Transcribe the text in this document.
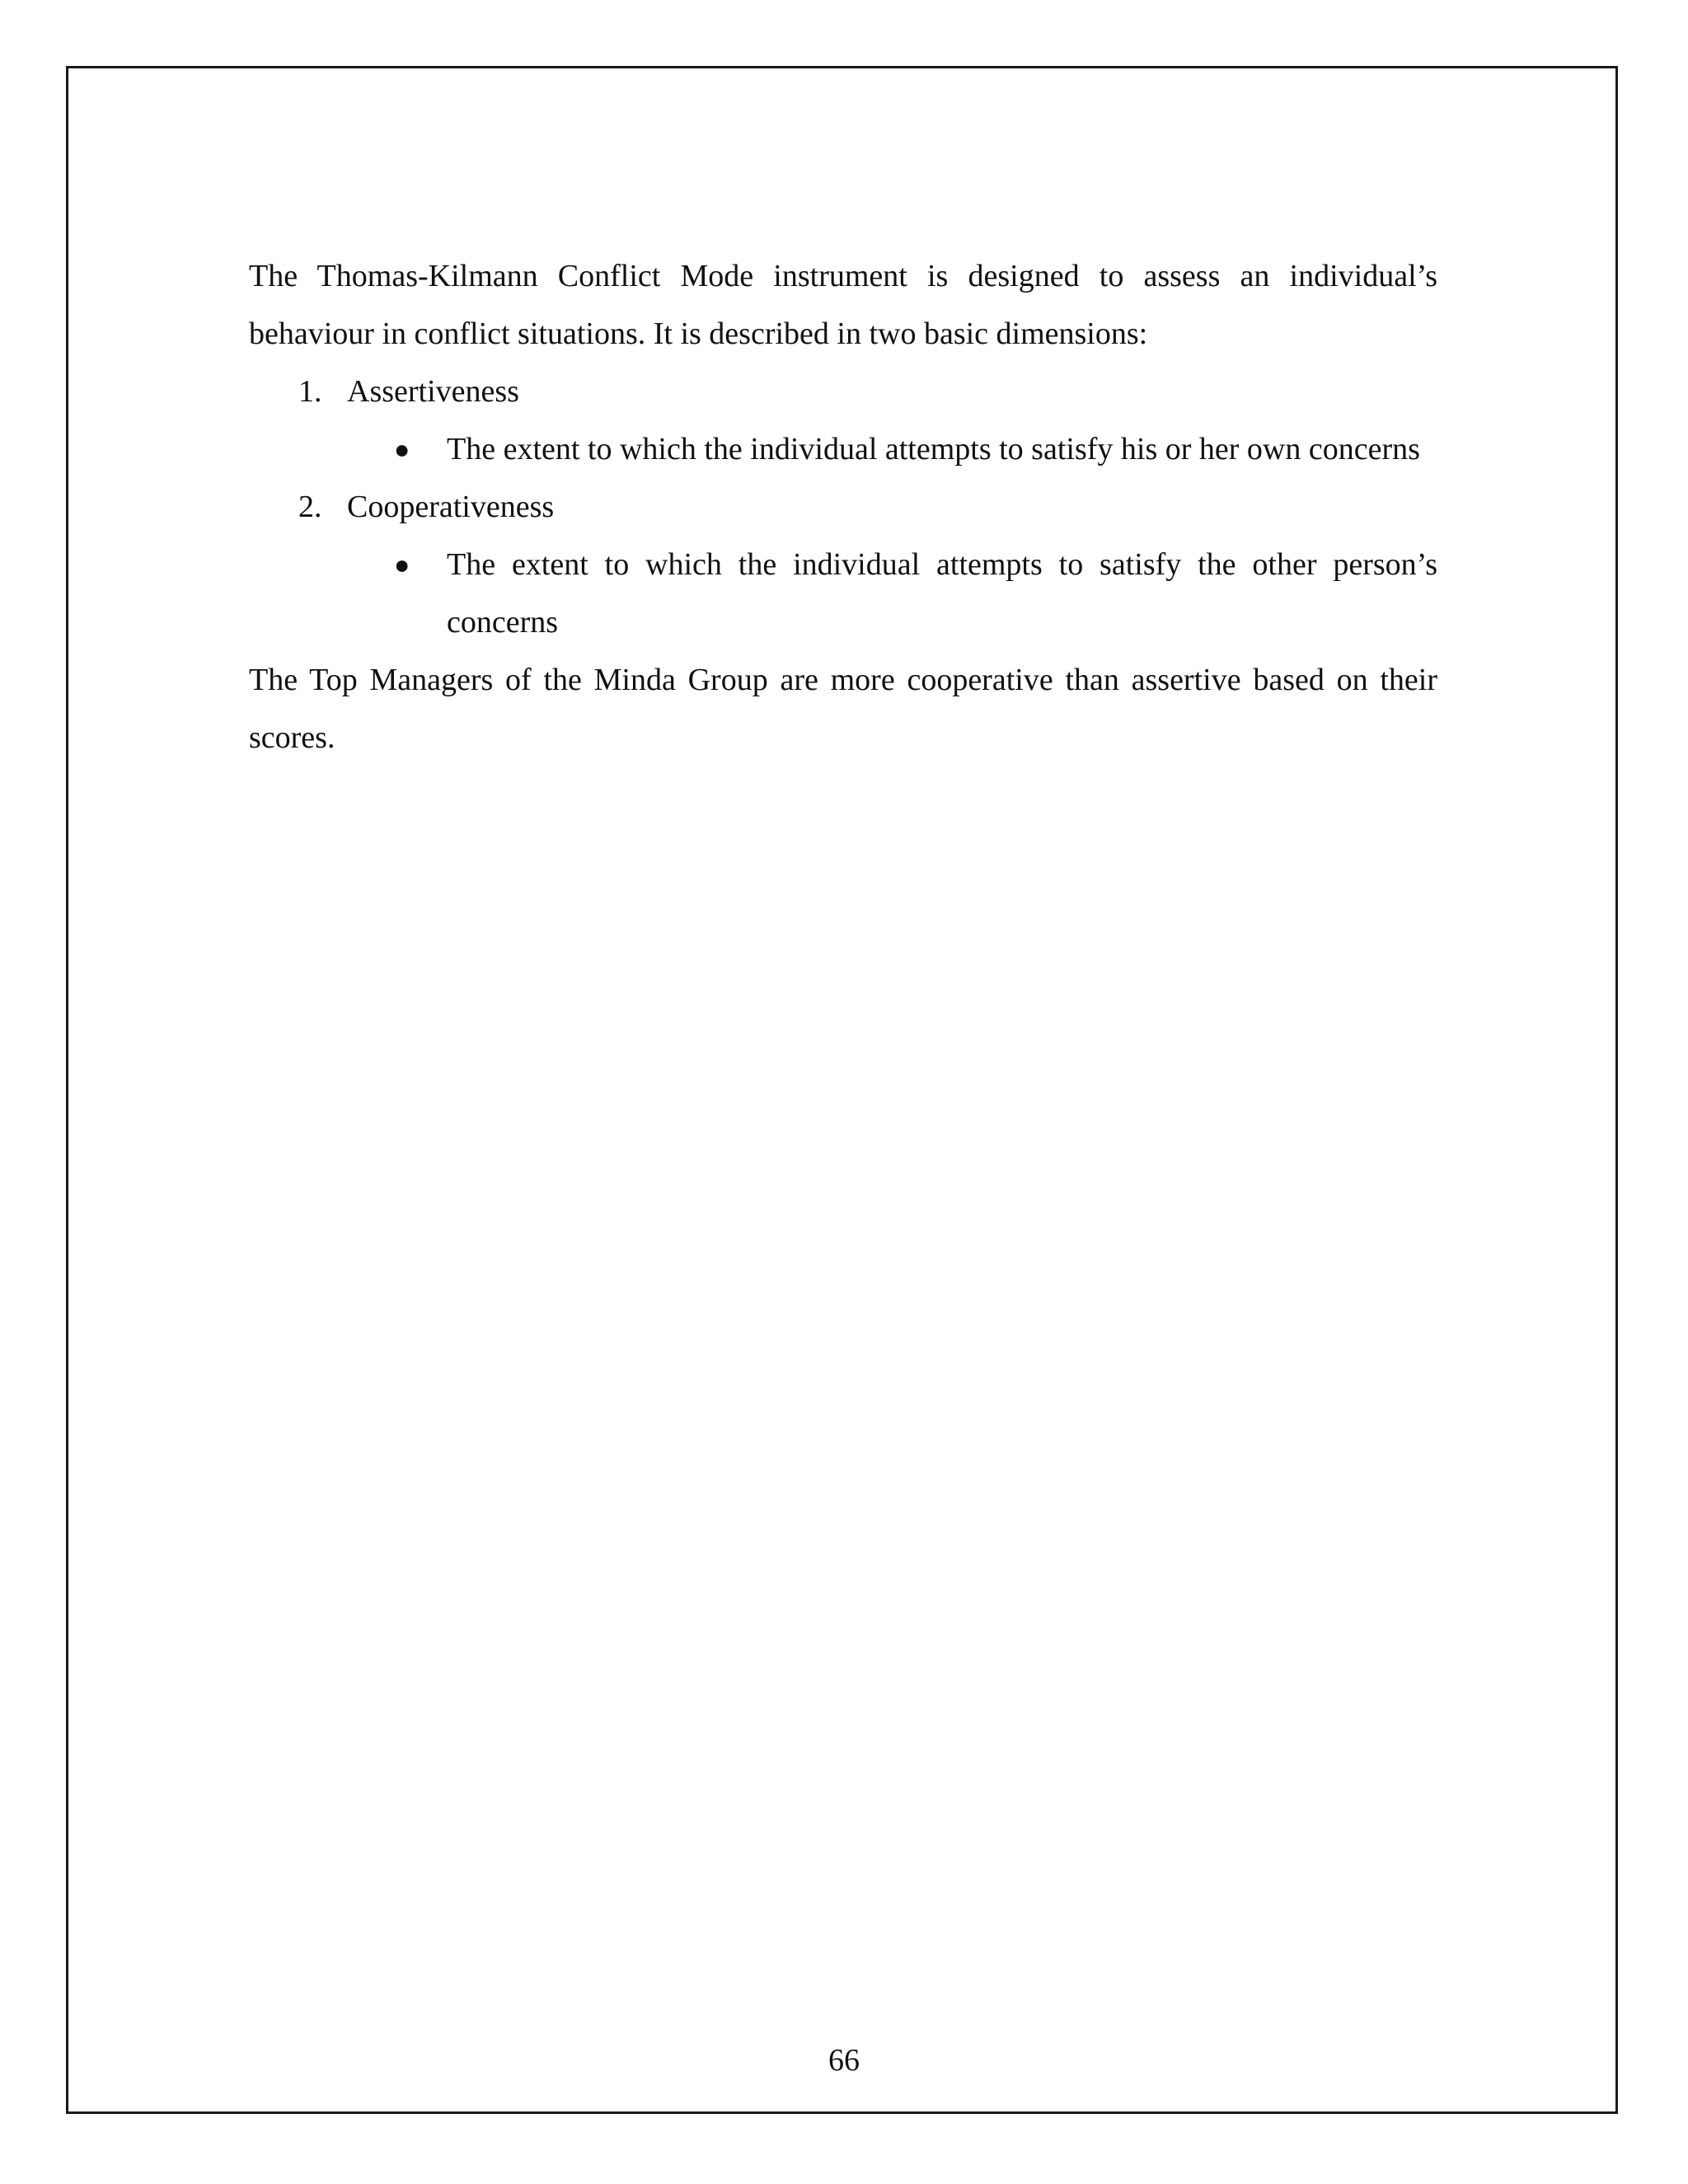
The Thomas-Kilmann Conflict Mode instrument is designed to assess an individual’s behaviour in conflict situations. It is described in two basic dimensions:

1. Assertiveness
● The extent to which the individual attempts to satisfy his or her own concerns
2. Cooperativeness
● The extent to which the individual attempts to satisfy the other person’s concerns

The Top Managers of the Minda Group are more cooperative than assertive based on their scores.

66
